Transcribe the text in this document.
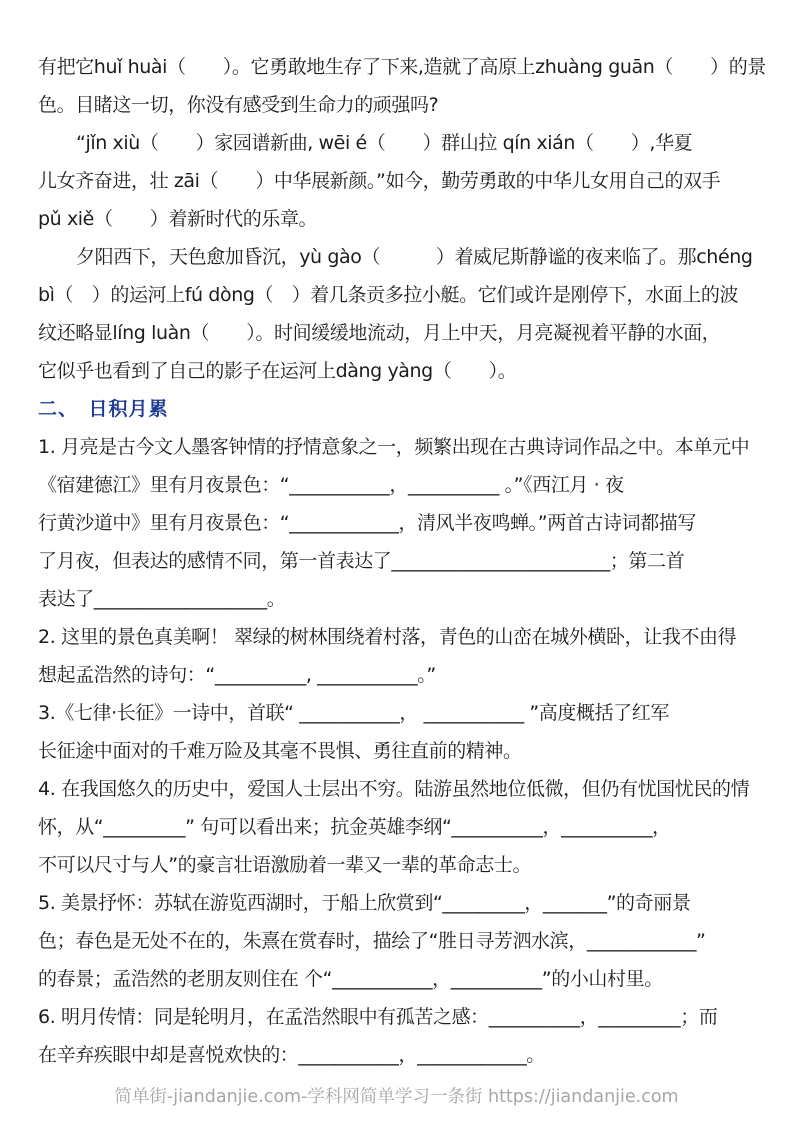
有把它huǐ huài（　　）。它勇敢地生存了下来,造就了高原上zhuàng guān（　　）的景
色。目睹这一切，你没有感受到生命力的顽强吗?
“jǐn xiù（　　）家园谱新曲, wēi é（　　）群山拉 qín xián（　　）,华夏
儿女齐奋进，壮 zāi（　　）中华展新颜。”如今，勤劳勇敢的中华儿女用自己的双手
pǔ xiě（　　）着新时代的乐章。
夕阳西下，天色愈加昏沉，yù gào（　　　）着威尼斯静谧的夜来临了。那chéng
bì（　）的运河上fú dòng（　）着几条贡多拉小艇。它们或许是刚停下，水面上的波
纹还略显líng luàn（　　）。时间缓缓地流动，月上中天，月亮凝视着平静的水面，
它似乎也看到了自己的影子在运河上dàng yàng（　　）。
二、　日积月累
1. 月亮是古今文人墨客钟情的抒情意象之一，频繁出现在古典诗词作品之中。本单元中
《宿建德江》里有月夜景色：“___________，__________ 。”《西江月 · 夜
行黄沙道中》里有月夜景色：“____________，清风半夜鸣蝉。”两首古诗词都描写
了月夜，但表达的感情不同，第一首表达了________________________；第二首
表达了___________________。
2. 这里的景色真美啊！ 翠绿的树林围绕着村落，青色的山峦在城外横卧，让我不由得
想起孟浩然的诗句：“__________, ___________。”
3.《七律·长征》一诗中，首联“ ___________， ___________ ”高度概括了红军
长征途中面对的千难万险及其毫不畏惧、勇往直前的精神。
4. 在我国悠久的历史中，爱国人士层出不穷。陆游虽然地位低微，但仍有忧国忧民的情
怀，从“_________” 句可以看出来；抗金英雄李纲“__________，__________，
不可以尺寸与人”的豪言壮语激励着一辈又一辈的革命志士。
5. 美景抒怀：苏轼在游览西湖时，于船上欣赏到“_________，_______”的奇丽景
色；春色是无处不在的，朱熹在赏春时，描绘了“胜日寻芳泗水滨，____________”
的春景；孟浩然的老朋友则住在 个“___________，__________”的小山村里。
6. 明月传情：同是轮明月，在孟浩然眼中有孤苦之感：__________，_________；而
在辛弃疾眼中却是喜悦欢快的：___________，____________。
简单街-jiandanjie.com-学科网简单学习一条街 https://jiandanjie.com
